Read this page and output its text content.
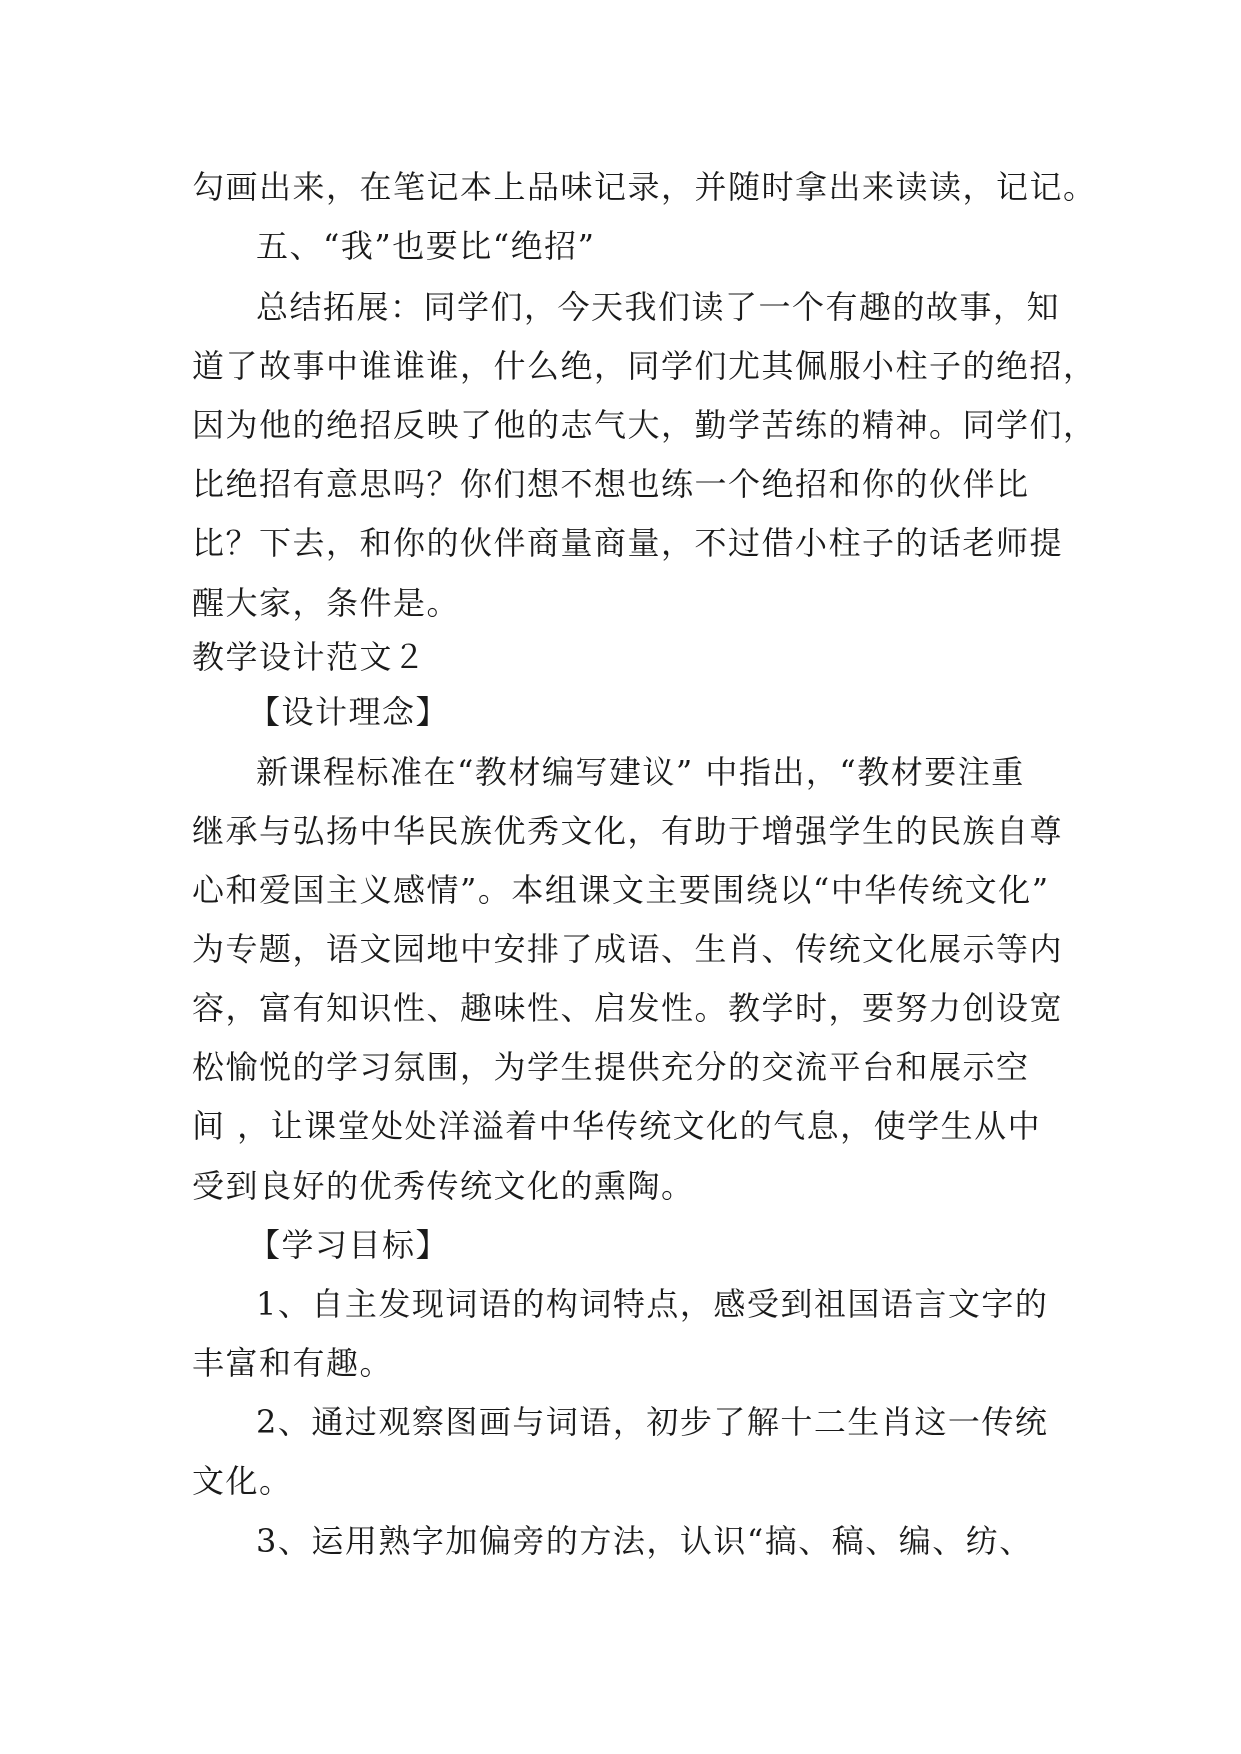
勾画出来，在笔记本上品味记录，并随时拿出来读读，记记。
五、“我”也要比“绝招”
总结拓展：同学们，今天我们读了一个有趣的故事，知
道了故事中谁谁谁，什么绝，同学们尤其佩服小柱子的绝招，
因为他的绝招反映了他的志气大，勤学苦练的精神。同学们，
比绝招有意思吗？你们想不想也练一个绝招和你的伙伴比
比？下去，和你的伙伴商量商量，不过借小柱子的话老师提
醒大家，条件是。
教学设计范文２
【设计理念】
新课程标准在“教材编写建议” 中指出，“教材要注重
继承与弘扬中华民族优秀文化，有助于增强学生的民族自尊
心和爱国主义感情”。本组课文主要围绕以“中华传统文化”
为专题，语文园地中安排了成语、生肖、传统文化展示等内
容，富有知识性、趣味性、启发性。教学时，要努力创设宽
松愉悦的学习氛围，为学生提供充分的交流平台和展示空
间 ，让课堂处处洋溢着中华传统文化的气息，使学生从中
受到良好的优秀传统文化的熏陶。
【学习目标】
1、自主发现词语的构词特点，感受到祖国语言文字的
丰富和有趣。
2、通过观察图画与词语，初步了解十二生肖这一传统
文化。
3、运用熟字加偏旁的方法，认识“搞、稿、编、纺、
